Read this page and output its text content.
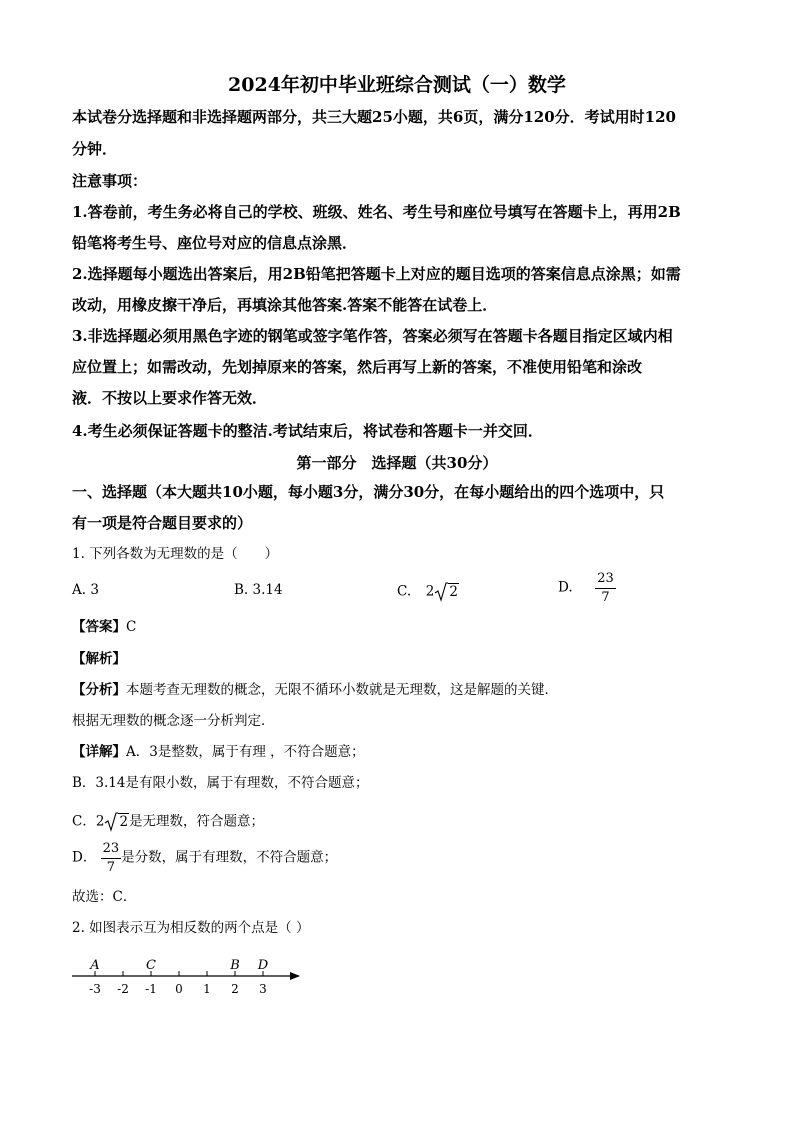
2024年初中毕业班综合测试（一）数学
本试卷分选择题和非选择题两部分，共三大题25小题，共6页，满分120分．考试用时120
分钟．
注意事项：
1.答卷前，考生务必将自己的学校、班级、姓名、考生号和座位号填写在答题卡上，再用2B
铅笔将考生号、座位号对应的信息点涂黑．
2.选择题每小题选出答案后，用2B铅笔把答题卡上对应的题目选项的答案信息点涂黑；如需
改动，用橡皮擦干净后，再填涂其他答案.答案不能答在试卷上．
3.非选择题必须用黑色字迹的钢笔或签字笔作答，答案必须写在答题卡各题目指定区域内相
应位置上；如需改动，先划掉原来的答案，然后再写上新的答案，不准使用铅笔和涂改
液．不按以上要求作答无效．
4.考生必须保证答题卡的整洁.考试结束后，将试卷和答题卡一并交回．
第一部分　选择题（共30分）
一、选择题（本大题共10小题，每小题3分，满分30分，在每小题给出的四个选项中，只
有一项是符合题目要求的）
1. 下列各数为无理数的是（　　）
A. 3	B. 3.14	C. 2 2	D. $\frac{23}{7}$
【答案】C
【解析】
【分析】本题考查无理数的概念，无限不循环小数就是无理数，这是解题的关键．
根据无理数的概念逐一分析判定．
【详解】A．3是整数，属于有理 ，不符合题意；
B．3.14是有限小数，属于有理数，不符合题意；
C．2 2是无理数，符合题意；
D． $\frac{23}{7}$ 是分数，属于有理数，不符合题意；
故选：C．
2. 如图表示互为相反数的两个点是（ ）
-3 -2 -1 0 1 2 3
A	C	B D
